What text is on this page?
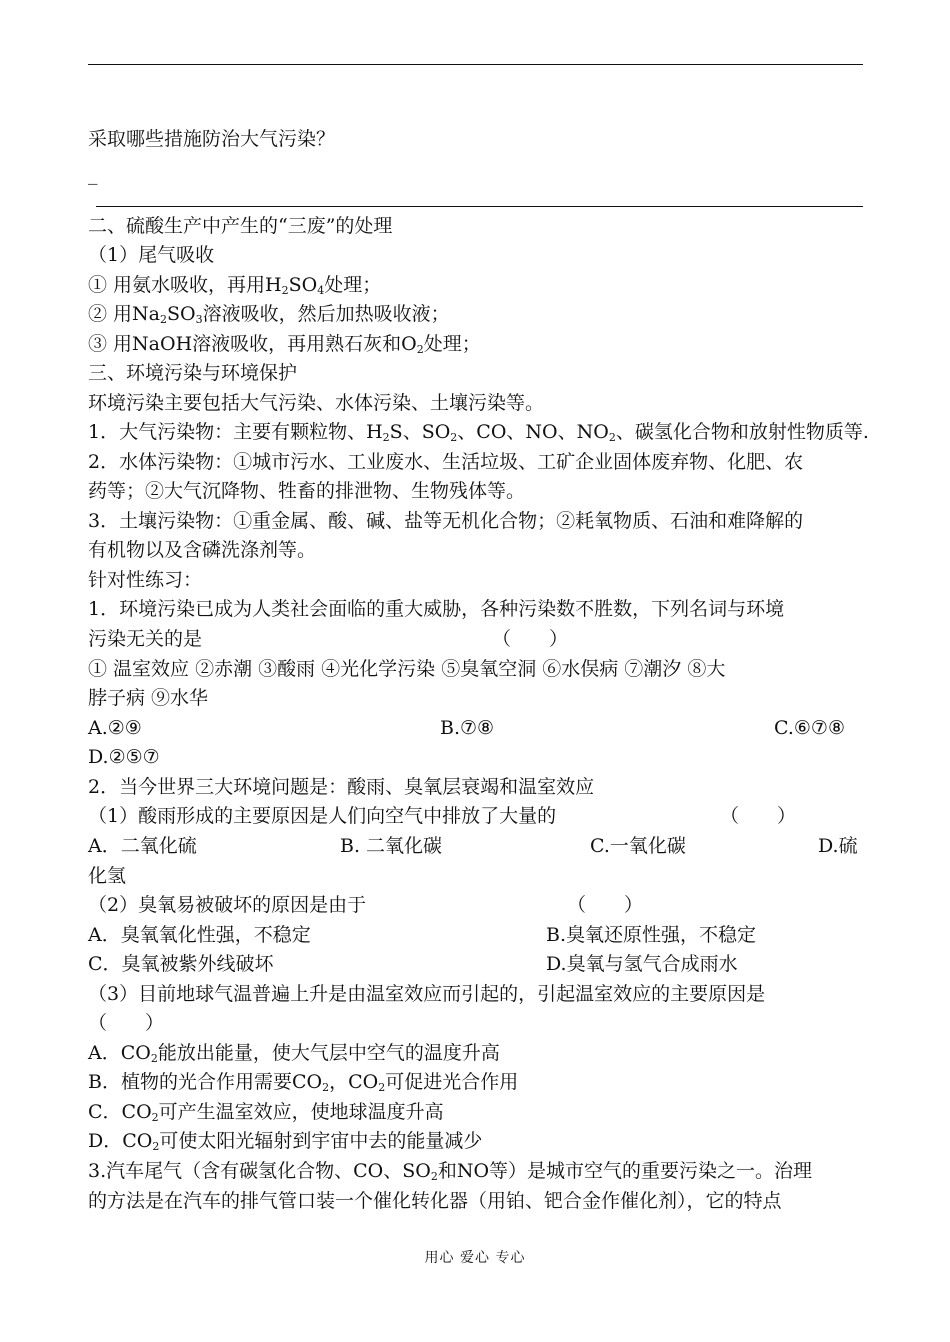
采取哪些措施防治大气污染？
_
二、硫酸生产中产生的“三废”的处理
（1）尾气吸收
① 用氨水吸收，再用$H_2SO_4$处理；
② 用$Na_2SO_3$溶液吸收，然后加热吸收液；
③ 用NaOH溶液吸收，再用熟石灰和$O_2$处理；
三、环境污染与环境保护
环境污染主要包括大气污染、水体污染、土壤污染等。
1．大气污染物：主要有颗粒物、$H_2S$、$SO_2$、CO、NO、$NO_2$、碳氢化合物和放射性物质等.
2．水体污染物：①城市污水、工业废水、生活垃圾、工矿企业固体废弃物、化肥、农
药等；②大气沉降物、牲畜的排泄物、生物残体等。
3．土壤污染物：①重金属、酸、碱、盐等无机化合物；②耗氧物质、石油和难降解的
有机物以及含磷洗涤剂等。
针对性练习：
1．环境污染已成为人类社会面临的重大威胁，各种污染数不胜数，下列名词与环境
污染无关的是	（　　）
① 温室效应 ②赤潮 ③酸雨 ④光化学污染 ⑤臭氧空洞 ⑥水俣病 ⑦潮汐 ⑧大
脖子病 ⑨水华
A.②⑨	B.⑦⑧	C.⑥⑦⑧
D.②⑤⑦
2．当今世界三大环境问题是：酸雨、臭氧层衰竭和温室效应
（1）酸雨形成的主要原因是人们向空气中排放了大量的	（　　）
A．二氧化硫	B. 二氧化碳	C.一氧化碳	D.硫
化氢
（2）臭氧易被破坏的原因是由于	（　　）
A．臭氧氧化性强，不稳定	B.臭氧还原性强，不稳定
C．臭氧被紫外线破坏	D.臭氧与氢气合成雨水
（3）目前地球气温普遍上升是由温室效应而引起的，引起温室效应的主要原因是
（　　）
A．$CO_2$能放出能量，使大气层中空气的温度升高
B．植物的光合作用需要$CO_2$，$CO_2$可促进光合作用
C．$CO_2$可产生温室效应，使地球温度升高
D．$CO_2$可使太阳光辐射到宇宙中去的能量减少
3.汽车尾气（含有碳氢化合物、CO、$SO_2$和NO等）是城市空气的重要污染之一。治理
的方法是在汽车的排气管口装一个催化转化器（用铂、钯合金作催化剂），它的特点
用心 爱心 专心
